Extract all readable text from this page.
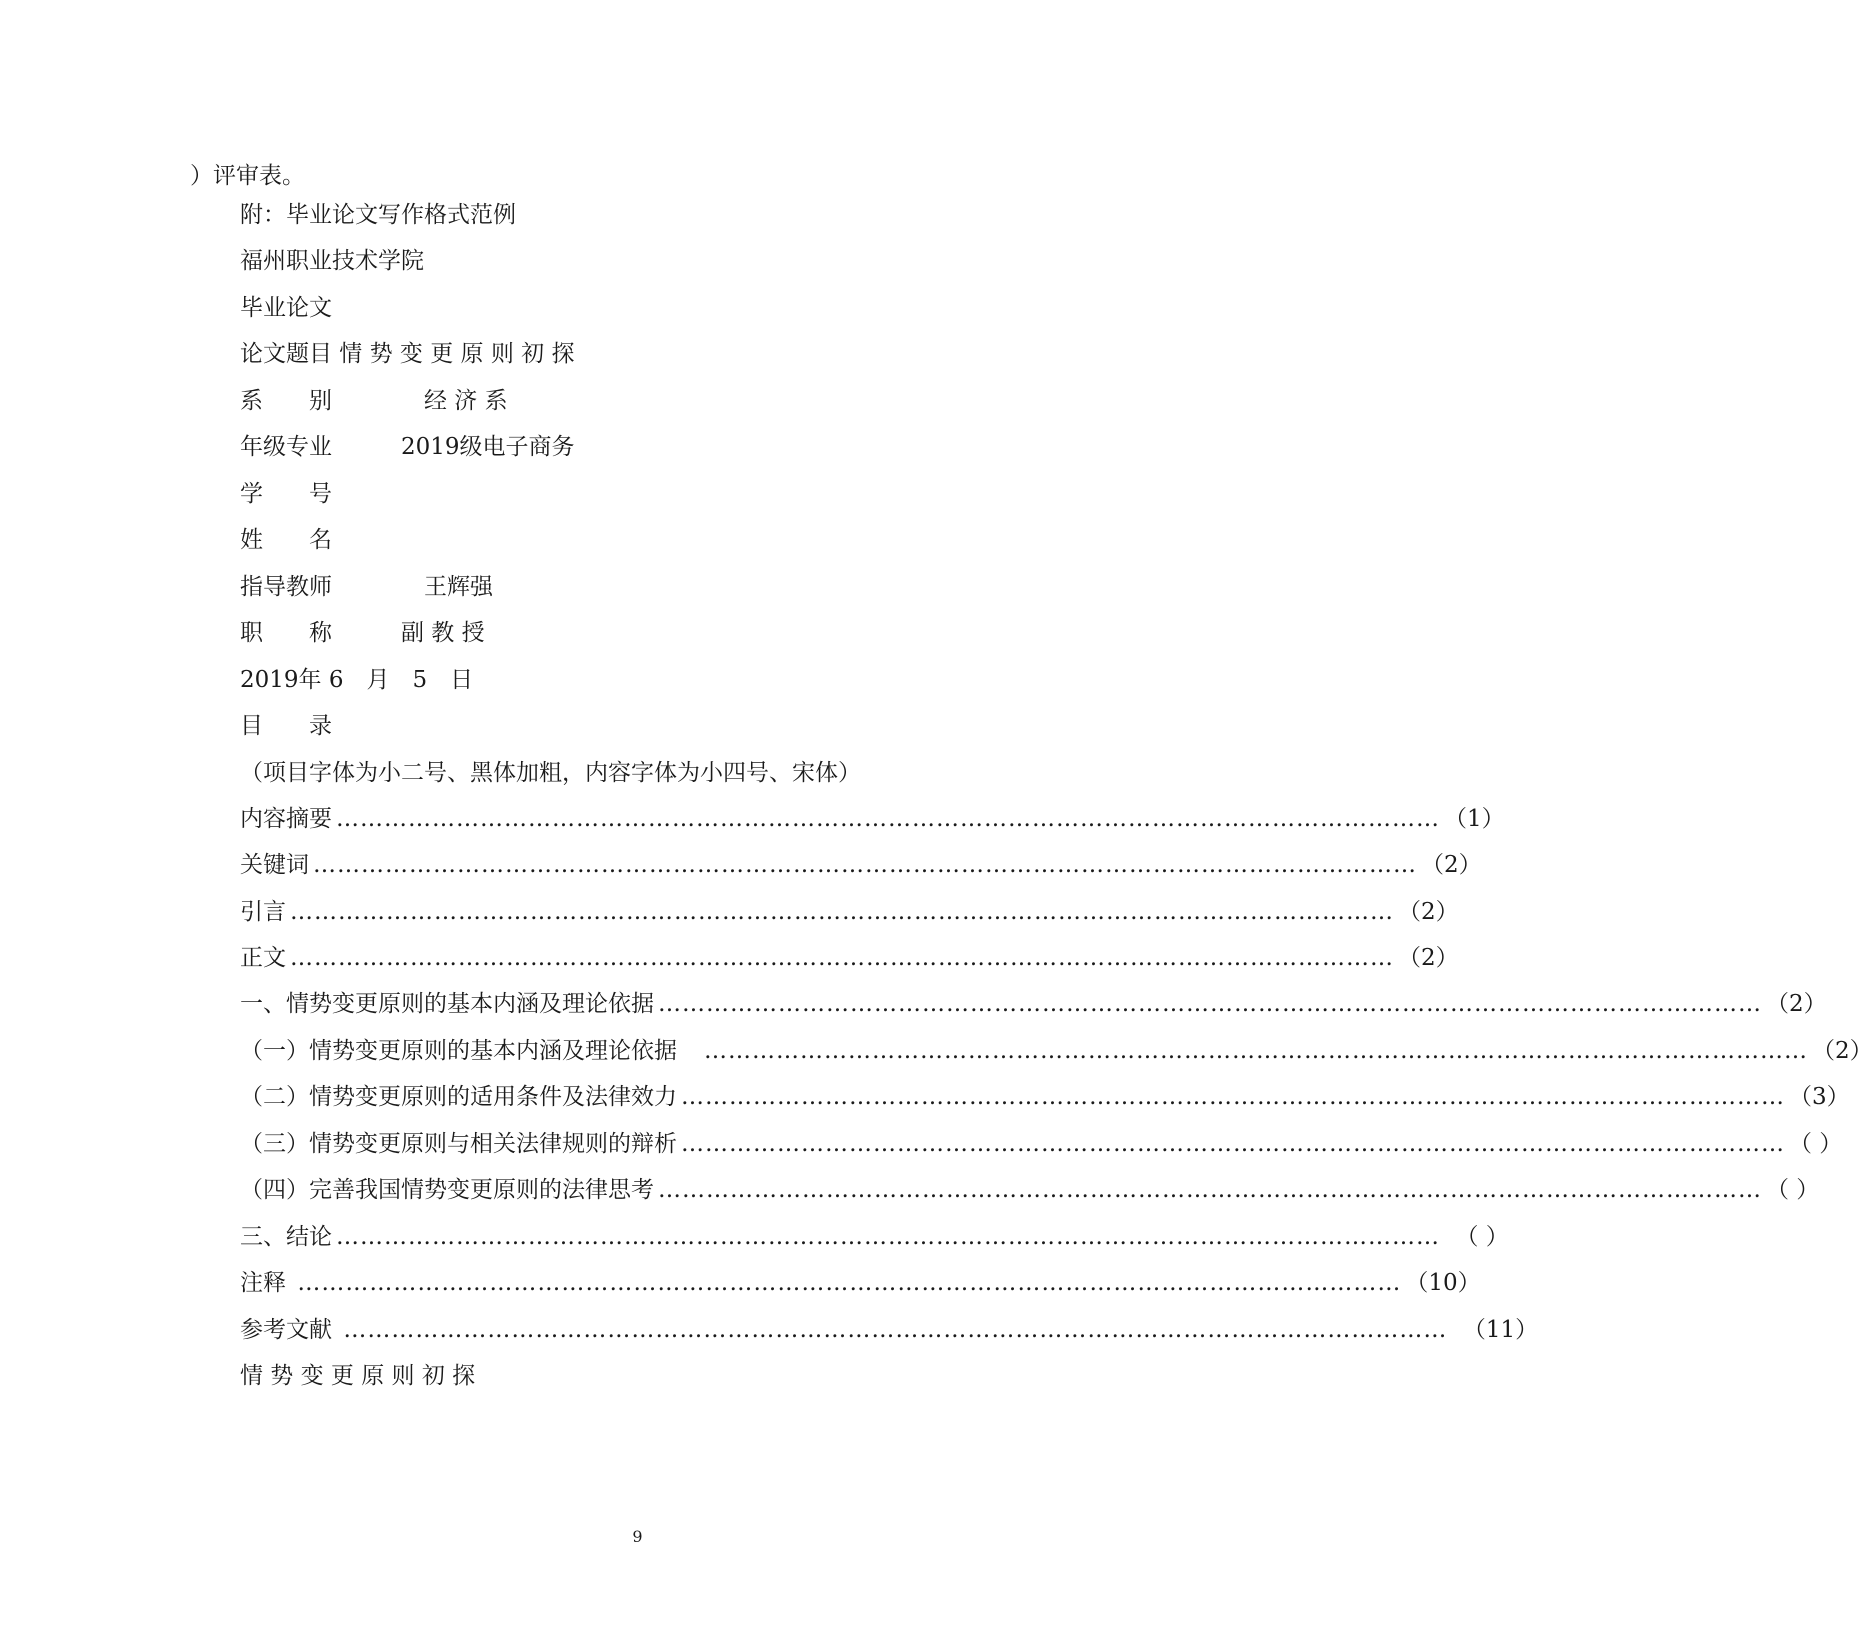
）评审表。
附：毕业论文写作格式范例
福州职业技术学院
毕业论文
论文题目 情 势 变 更 原 则 初 探
系　　别　　　　经 济 系
年级专业　　　2019级电子商务
学　　号
姓　　名
指导教师　　　　王辉强
职　　称　　　副 教 授
2019年 6　月　5　日
目　　录
（项目字体为小二号、黑体加粗，内容字体为小四号、宋体）
内容摘要 ………………………………………………………………………………………………………………………… （1）
关键词 ………………………………………………………………………………………………………………………… （2）
引言 ………………………………………………………………………………………………………………………… （2）
正文 ………………………………………………………………………………………………………………………… （2）
一、情势变更原则的基本内涵及理论依据 ………………………………………………………………………………………………………………………… （2）
（一）情势变更原则的基本内涵及理论依据　 ………………………………………………………………………………………………………………………… （2）
（二）情势变更原则的适用条件及法律效力 ………………………………………………………………………………………………………………………… （3）
（三）情势变更原则与相关法律规则的辩析 ………………………………………………………………………………………………………………………… （ ）
（四）完善我国情势变更原则的法律思考 ………………………………………………………………………………………………………………………… （ ）
三、结论 ………………………………………………………………………………………………………………………… 　（ ）
注释 ………………………………………………………………………………………………………………………… （10）
参考文献 ………………………………………………………………………………………………………………………… 　（11）
情 势 变 更 原 则 初 探
9
